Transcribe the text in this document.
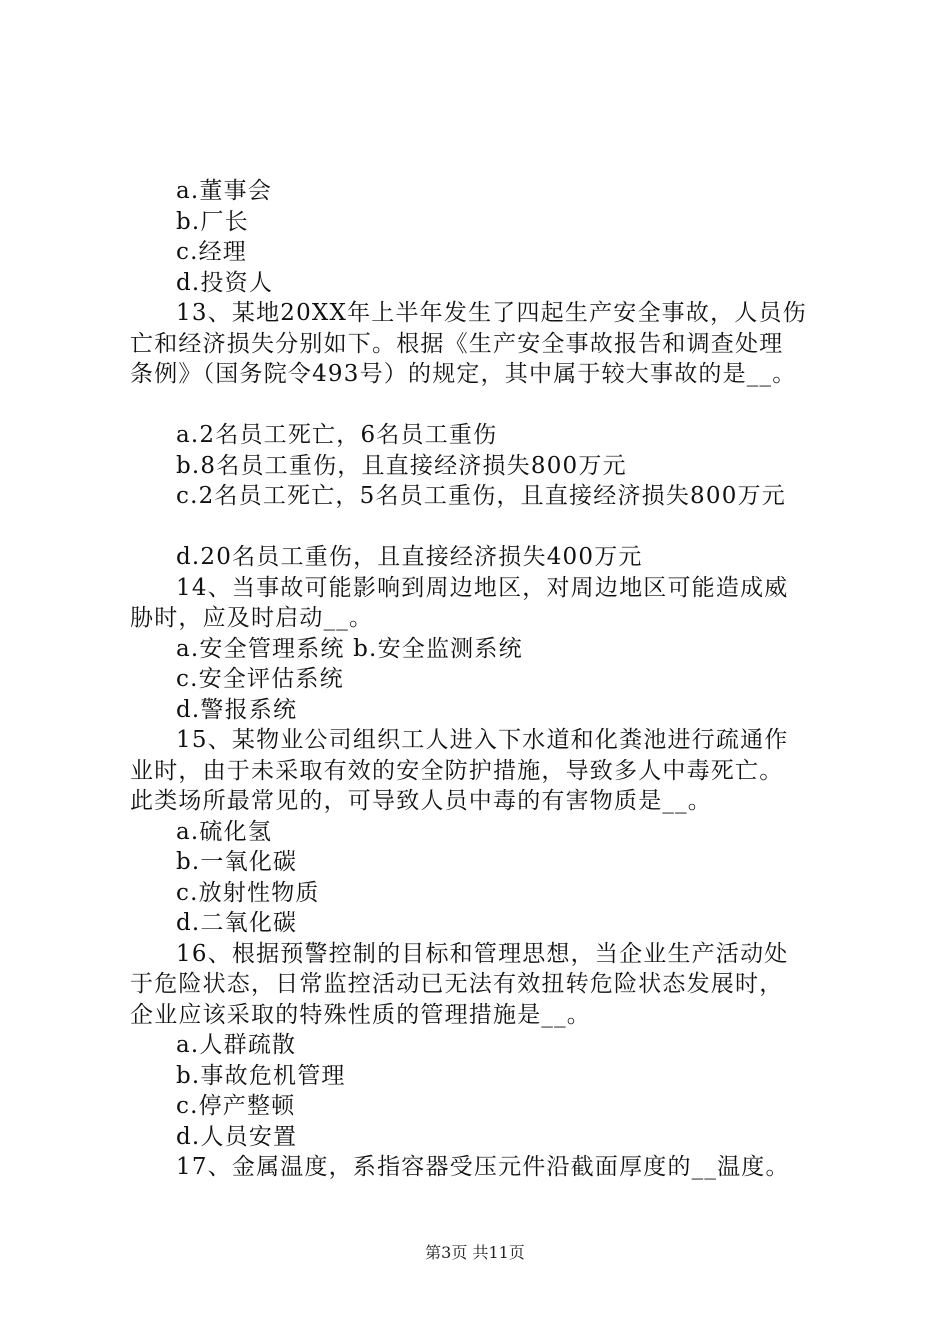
a.董事会
b.厂长
c.经理
d.投资人
13、某地20XX年上半年发生了四起生产安全事故，人员伤
亡和经济损失分别如下。根据《生产安全事故报告和调查处理
条例》（国务院令493号）的规定，其中属于较大事故的是__。
a.2名员工死亡，6名员工重伤
b.8名员工重伤，且直接经济损失800万元
c.2名员工死亡，5名员工重伤，且直接经济损失800万元
d.20名员工重伤，且直接经济损失400万元
14、当事故可能影响到周边地区，对周边地区可能造成威
胁时，应及时启动__。
a.安全管理系统 b.安全监测系统
c.安全评估系统
d.警报系统
15、某物业公司组织工人进入下水道和化粪池进行疏通作
业时，由于未采取有效的安全防护措施，导致多人中毒死亡。
此类场所最常见的，可导致人员中毒的有害物质是__。
a.硫化氢
b.一氧化碳
c.放射性物质
d.二氧化碳
16、根据预警控制的目标和管理思想，当企业生产活动处
于危险状态，日常监控活动已无法有效扭转危险状态发展时，
企业应该采取的特殊性质的管理措施是__。
a.人群疏散
b.事故危机管理
c.停产整顿
d.人员安置
17、金属温度，系指容器受压元件沿截面厚度的__温度。
第3页 共11页
